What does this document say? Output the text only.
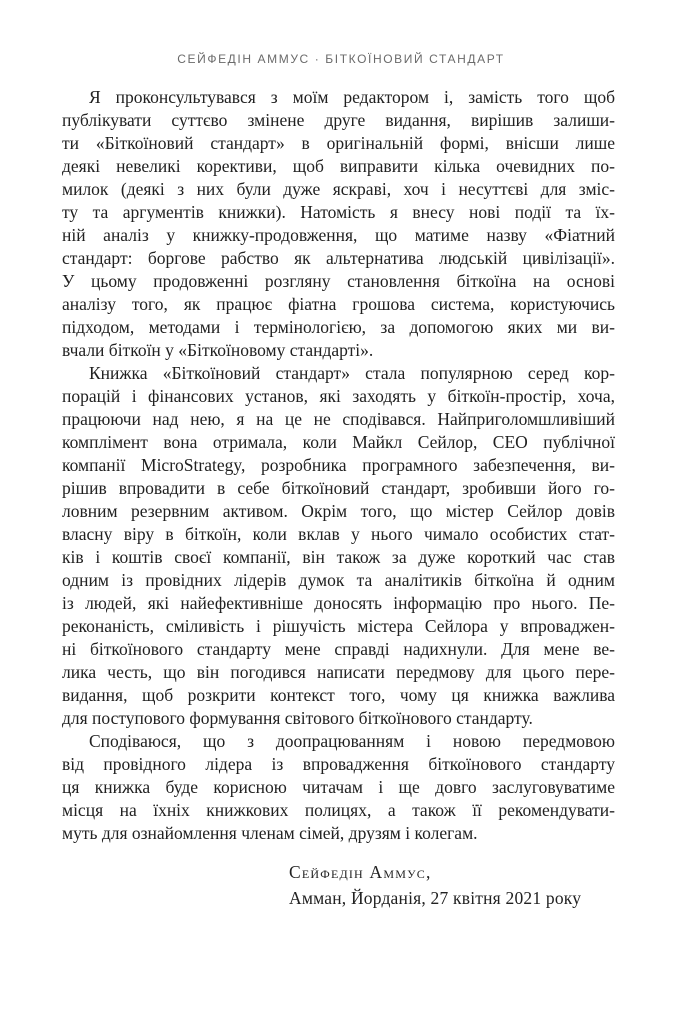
СЕЙФЕДІН АММУС · БІТКОЇНОВИЙ СТАНДАРТ
Я проконсультувався з моїм редактором і, замість того щоб
публікувати суттєво змінене друге видання, вирішив залиши-
ти «Біткоїновий стандарт» в оригінальній формі, внісши лише
деякі невеликі корективи, щоб виправити кілька очевидних по-
милок (деякі з них були дуже яскраві, хоч і несуттєві для зміс-
ту та аргументів книжки). Натомість я внесу нові події та їх-
ній аналіз у книжку-продовження, що матиме назву «Фіатний
стандарт: боргове рабство як альтернатива людській цивілізації».
У цьому продовженні розгляну становлення біткоїна на основі
аналізу того, як працює фіатна грошова система, користуючись
підходом, методами і термінологією, за допомогою яких ми ви-
вчали біткоїн у «Біткоїновому стандарті».
Книжка «Біткоїновий стандарт» стала популярною серед кор-
порацій і фінансових установ, які заходять у біткоїн-простір, хоча,
працюючи над нею, я на це не сподівався. Найприголомшливіший
комплімент вона отримала, коли Майкл Сейлор, CEO публічної
компанії MicroStrategy, розробника програмного забезпечення, ви-
рішив впровадити в себе біткоїновий стандарт, зробивши його го-
ловним резервним активом. Окрім того, що містер Сейлор довів
власну віру в біткоїн, коли вклав у нього чимало особистих стат-
ків і коштів своєї компанії, він також за дуже короткий час став
одним із провідних лідерів думок та аналітиків біткоїна й одним
із людей, які найефективніше доносять інформацію про нього. Пе-
реконаність, сміливість і рішучість містера Сейлора у впроваджен-
ні біткоїнового стандарту мене справді надихнули. Для мене ве-
лика честь, що він погодився написати передмову для цього пере-
видання, щоб розкрити контекст того, чому ця книжка важлива
для поступового формування світового біткоїнового стандарту.
Сподіваюся, що з доопрацюванням і новою передмовою
від провідного лідера із впровадження біткоїнового стандарту
ця книжка буде корисною читачам і ще довго заслуговуватиме
місця на їхніх книжкових полицях, а також її рекомендувати-
муть для ознайомлення членам сімей, друзям і колегам.
Сейфедін Аммус,
Амман, Йорданія, 27 квітня 2021 року
